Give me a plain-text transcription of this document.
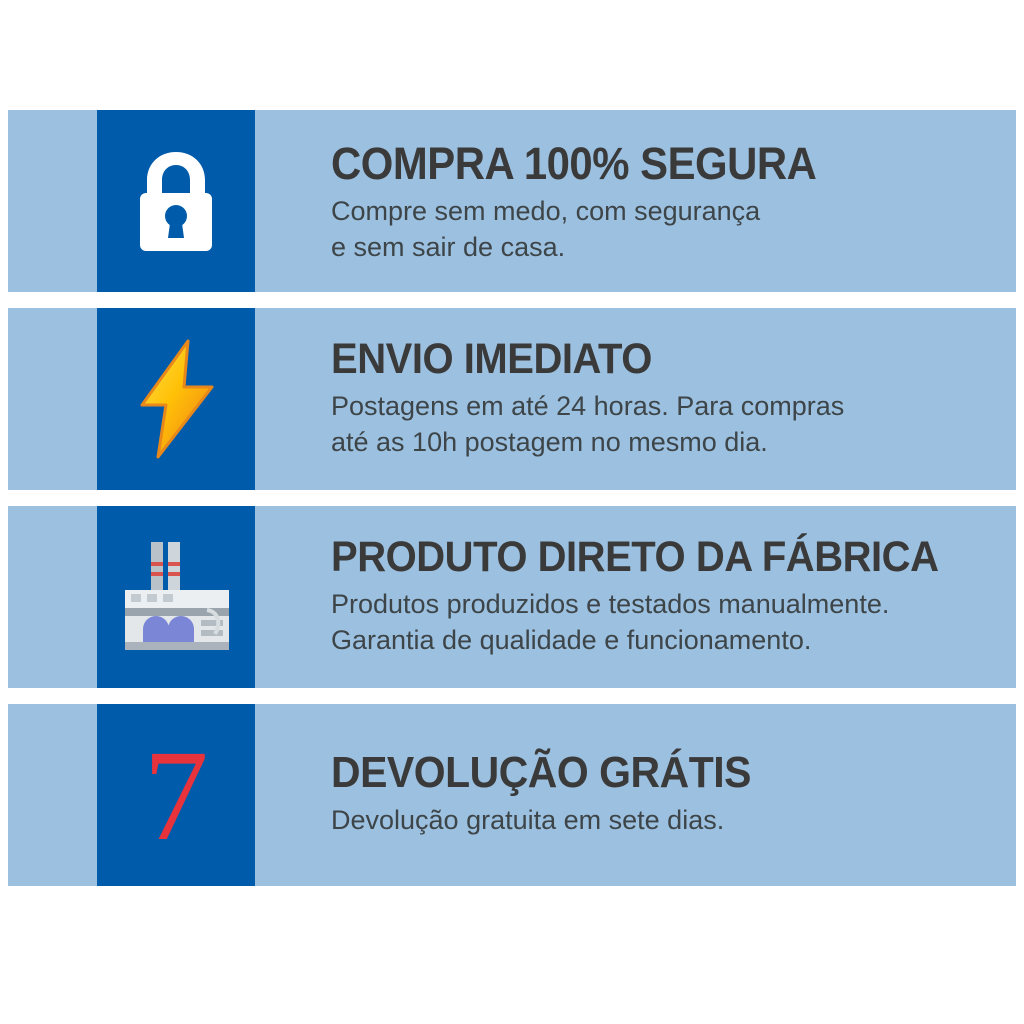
COMPRA 100% SEGURA
Compre sem medo, com segurança
e sem sair de casa.
ENVIO IMEDIATO
Postagens em até 24 horas. Para compras
até as 10h postagem no mesmo dia.
PRODUTO DIRETO DA FÁBRICA
Produtos produzidos e testados manualmente.
Garantia de qualidade e funcionamento.
7	DEVOLUÇÃO GRÁTIS
Devolução gratuita em sete dias.
